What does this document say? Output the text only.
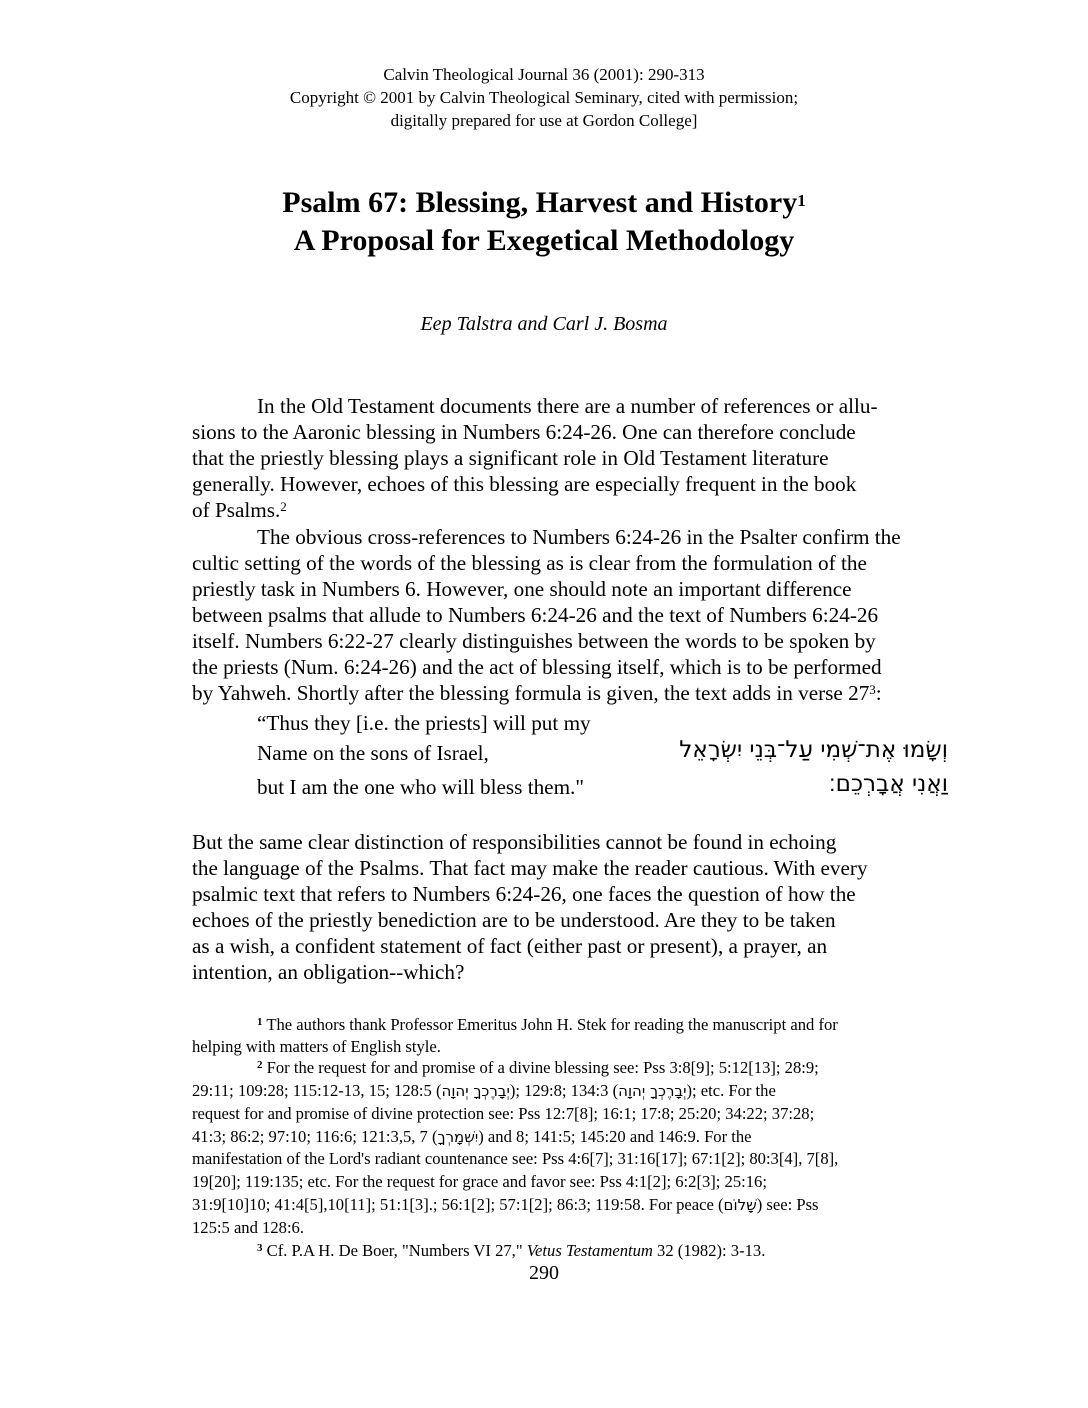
Calvin Theological Journal 36 (2001): 290-313
Copyright © 2001 by Calvin Theological Seminary, cited with permission;
digitally prepared for use at Gordon College]
Psalm 67: Blessing, Harvest and History$^1$
A Proposal for Exegetical Methodology
Eep Talstra and Carl J. Bosma
In the Old Testament documents there are a number of references or allu-
sions to the Aaronic blessing in Numbers 6:24-26. One can therefore conclude
that the priestly blessing plays a significant role in Old Testament literature
generally. However, echoes of this blessing are especially frequent in the book
of Psalms.$^2$
The obvious cross-references to Numbers 6:24-26 in the Psalter confirm the
cultic setting of the words of the blessing as is clear from the formulation of the
priestly task in Numbers 6. However, one should note an important difference
between psalms that allude to Numbers 6:24-26 and the text of Numbers 6:24-26
itself. Numbers 6:22-27 clearly distinguishes between the words to be spoken by
the priests (Num. 6:24-26) and the act of blessing itself, which is to be performed
by Yahweh. Shortly after the blessing formula is given, the text adds in verse $27^3$:
“Thus they [i.e. the priests] will put my
Name on the sons of Israel,
but I am the one who will bless them."
וְשָׂמוּ אֶת־שְׁמִי עַל־בְּנֵי יִשְׂרָאֵל
וַאֲנִי אֲבָרְכֵם׃
But the same clear distinction of responsibilities cannot be found in echoing
the language of the Psalms. That fact may make the reader cautious. With every
psalmic text that refers to Numbers 6:24-26, one faces the question of how the
echoes of the priestly benediction are to be understood. Are they to be taken
as a wish, a confident statement of fact (either past or present), a prayer, an
intention, an obligation--which?
$^1$ The authors thank Professor Emeritus John H. Stek for reading the manuscript and for
helping with matters of English style.
$^2$ For the request for and promise of a divine blessing see: Pss 3:8[9]; 5:12[13]; 28:9;
29:11; 109:28; 115:12-13, 15; 128:5 (יְבָרֶכְךָ יְהוָה); 129:8; 134:3 (יְבָרֶכְךָ יְהוָה); etc. For the
request for and promise of divine protection see: Pss 12:7[8]; 16:1; 17:8; 25:20; 34:22; 37:28;
41:3; 86:2; 97:10; 116:6; 121:3,5, 7 (יִשְׁמָרְךָ) and 8; 141:5; 145:20 and 146:9. For the
manifestation of the Lord's radiant countenance see: Pss 4:6[7]; 31:16[17]; 67:1[2]; 80:3[4], 7[8],
19[20]; 119:135; etc. For the request for grace and favor see: Pss 4:1[2]; 6:2[3]; 25:16;
31:9[10]10; 41:4[5],10[11]; 51:1[3].; 56:1[2]; 57:1[2]; 86:3; 119:58. For peace (שָׁלוֹם) see: Pss
125:5 and 128:6.
$^3$ Cf. P.A H. De Boer, "Numbers VI 27," Vetus Testamentum 32 (1982): 3-13.
290
